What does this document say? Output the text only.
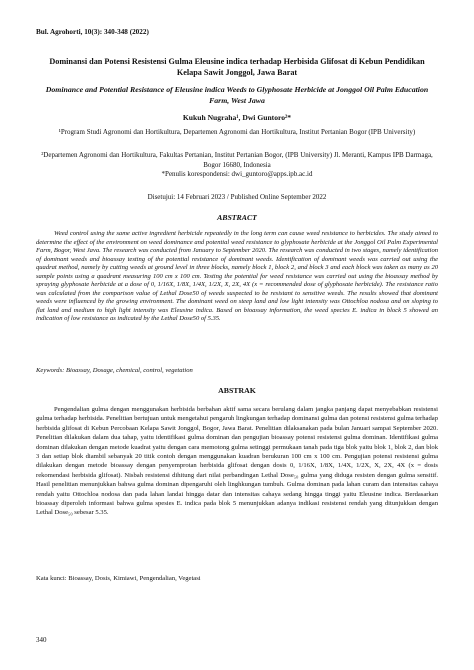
Bul. Agrohorti, 10(3): 340-348 (2022)
Dominansi dan Potensi Resistensi Gulma Eleusine indica terhadap Herbisida Glifosat di Kebun Pendidikan Kelapa Sawit Jonggol, Jawa Barat
Dominance and Potential Resistance of Eleusine indica Weeds to Glyphosate Herbicide at Jonggol Oil Palm Education Farm, West Jawa
Kukuh Nugraha¹, Dwi Guntoro²*
¹Program Studi Agronomi dan Hortikultura, Departemen Agronomi dan Hortikultura, Institut Pertanian Bogor (IPB University)
²Departemen Agronomi dan Hortikultura, Fakultas Pertanian, Institut Pertanian Bogor, (IPB University) Jl. Meranti, Kampus IPB Darmaga, Bogor 16680, Indonesia
*Penulis korespondensi: dwi_guntoro@apps.ipb.ac.id
Disetujui: 14 Februari 2023 / Published Online September 2022
ABSTRACT

Weed control using the same active ingredient herbicide repeatedly in the long term can cause weed resistance to herbicides. The study aimed to determine the effect of the environment on weed dominance and potential weed resistance to glyphosate herbicide at the Jonggol Oil Palm Experimental Farm, Bogor, West Java. The research was conducted from January to September 2020. The research was conducted in two stages, namely identification of dominant weeds and bioassay testing of the potential resistance of dominant weeds. Identification of dominant weeds was carried out using the quadrat method, namely by cutting weeds at ground level in three blocks, namely block 1, block 2, and block 3 and each block was taken as many as 20 sample points using a quadrant measuring 100 cm x 100 cm. Testing the potential for weed resistance was carried out using the bioassay method by spraying glyphosate herbicide at a dose of 0, 1/16X, 1/8X, 1/4X, 1/2X, X, 2X, 4X (x = recommended dose of glyphosate herbicide). The resistance ratio was calculated from the comparison value of Lethal Dose50 of weeds suspected to be resistant to sensitive weeds. The results showed that dominant weeds were influenced by the growing environment. The dominant weed on steep land and low light intensity was Ottochloa nodosa and on sloping to flat land and medium to high light intensity was Eleusine indica. Based on bioassay information, the weed species E. indica in block 5 showed an indication of low resistance as indicated by the Lethal Dose50 of 5.35.

Keywords: Bioassay, Dosage, chemical, control, vegetation

ABSTRAK

Pengendalian gulma dengan menggunakan herbisida berbahan aktif sama secara berulang dalam jangka panjang dapat menyebabkan resistensi gulma terhadap herbisida. Penelitian bertujuan untuk mengetahui pengaruh lingkungan terhadap dominansi gulma dan potensi resistensi gulma terhadap herbisida glifosat di Kebun Percobaan Kelapa Sawit Jonggol, Bogor, Jawa Barat. Penelitian dilaksanakan pada bulan Januari sampai September 2020. Penelitian dilakukan dalam dua tahap, yaitu identifikasi gulma dominan dan pengujian bioassay potensi resistensi gulma dominan. Identifikasi gulma dominan dilakukan dengan metode kuadrat yaitu dengan cara memotong gulma setinggi permukaan tanah pada tiga blok yaitu blok 1, blok 2, dan blok 3 dan setiap blok diambil sebanyak 20 titik contoh dengan menggunakan kuadran berukuran 100 cm x 100 cm. Pengujian potensi resistensi gulma dilakukan dengan metode bioassay dengan penyemprotan herbisida glifosat dengan dosis 0, 1/16X, 1/8X, 1/4X, 1/2X, X, 2X, 4X (x = dosis rekomendasi herbisida glifosat). Nisbah resistensi dihitung dari nilai perbandingan Lethal Dose₅₀ gulma yang diduga resisten dengan gulma sensitif. Hasil penelitian menunjukkan bahwa gulma dominan dipengaruhi oleh linghkungan tumbuh. Gulma dominan pada lahan curam dan intensitas cahaya rendah yaitu Ottochloa nodosa dan pada lahan landai hingga datar dan intensitas cahaya sedang hingga tinggi yaitu Eleusine indica. Berdasarkan bioassay diperoleh informasi bahwa gulma spesies E. indica pada blok 5 menunjukkan adanya indikasi resistensi rendah yang ditunjukkan dengan Lethal Dose₅₀ sebesar 5.35.

Kata kunci: Bioassay, Dosis, Kimiawi, Pengendalian, Vegetasi

340
